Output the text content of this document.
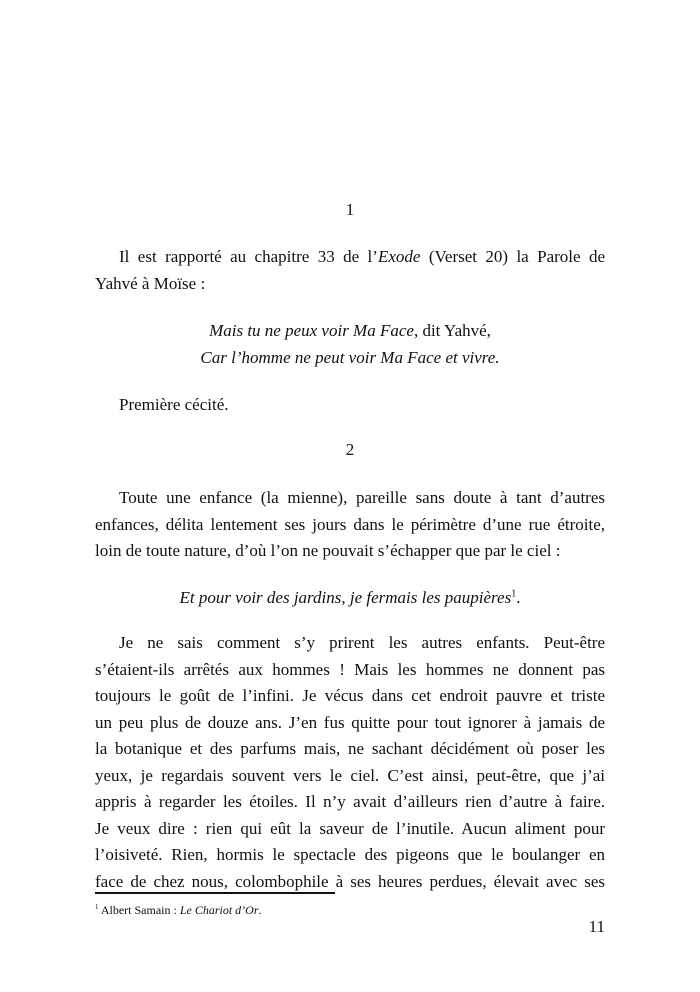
1
Il est rapporté au chapitre 33 de l’Exode (Verset 20) la Parole de
Yahvé à Moïse :

Mais tu ne peux voir Ma Face, dit Yahvé,

Car l’homme ne peut voir Ma Face et vivre.

Première cécité.

2
Toute une enfance (la mienne), pareille sans doute à tant d’autres
enfances, délita lentement ses jours dans le périmètre d’une rue étroite,
loin de toute nature, d’où l’on ne pouvait s’échapper que par le ciel :

Et pour voir des jardins, je fermais les paupières$^1$.

Je ne sais comment s’y prirent les autres enfants. Peut-être
s’étaient-ils arrêtés aux hommes ! Mais les hommes ne donnent pas
toujours le goût de l’infini. Je vécus dans cet endroit pauvre et triste
un peu plus de douze ans. J’en fus quitte pour tout ignorer à jamais de
la botanique et des parfums mais, ne sachant décidément où poser les
yeux, je regardais souvent vers le ciel. C’est ainsi, peut-être, que j’ai
appris à regarder les étoiles. Il n’y avait d’ailleurs rien d’autre à faire.
Je veux dire : rien qui eût la saveur de l’inutile. Aucun aliment pour
l’oisiveté. Rien, hormis le spectacle des pigeons que le boulanger en
face de chez nous, colombophile à ses heures perdues, élevait avec ses
$^1$ Albert Samain : Le Chariot d’Or.
11
